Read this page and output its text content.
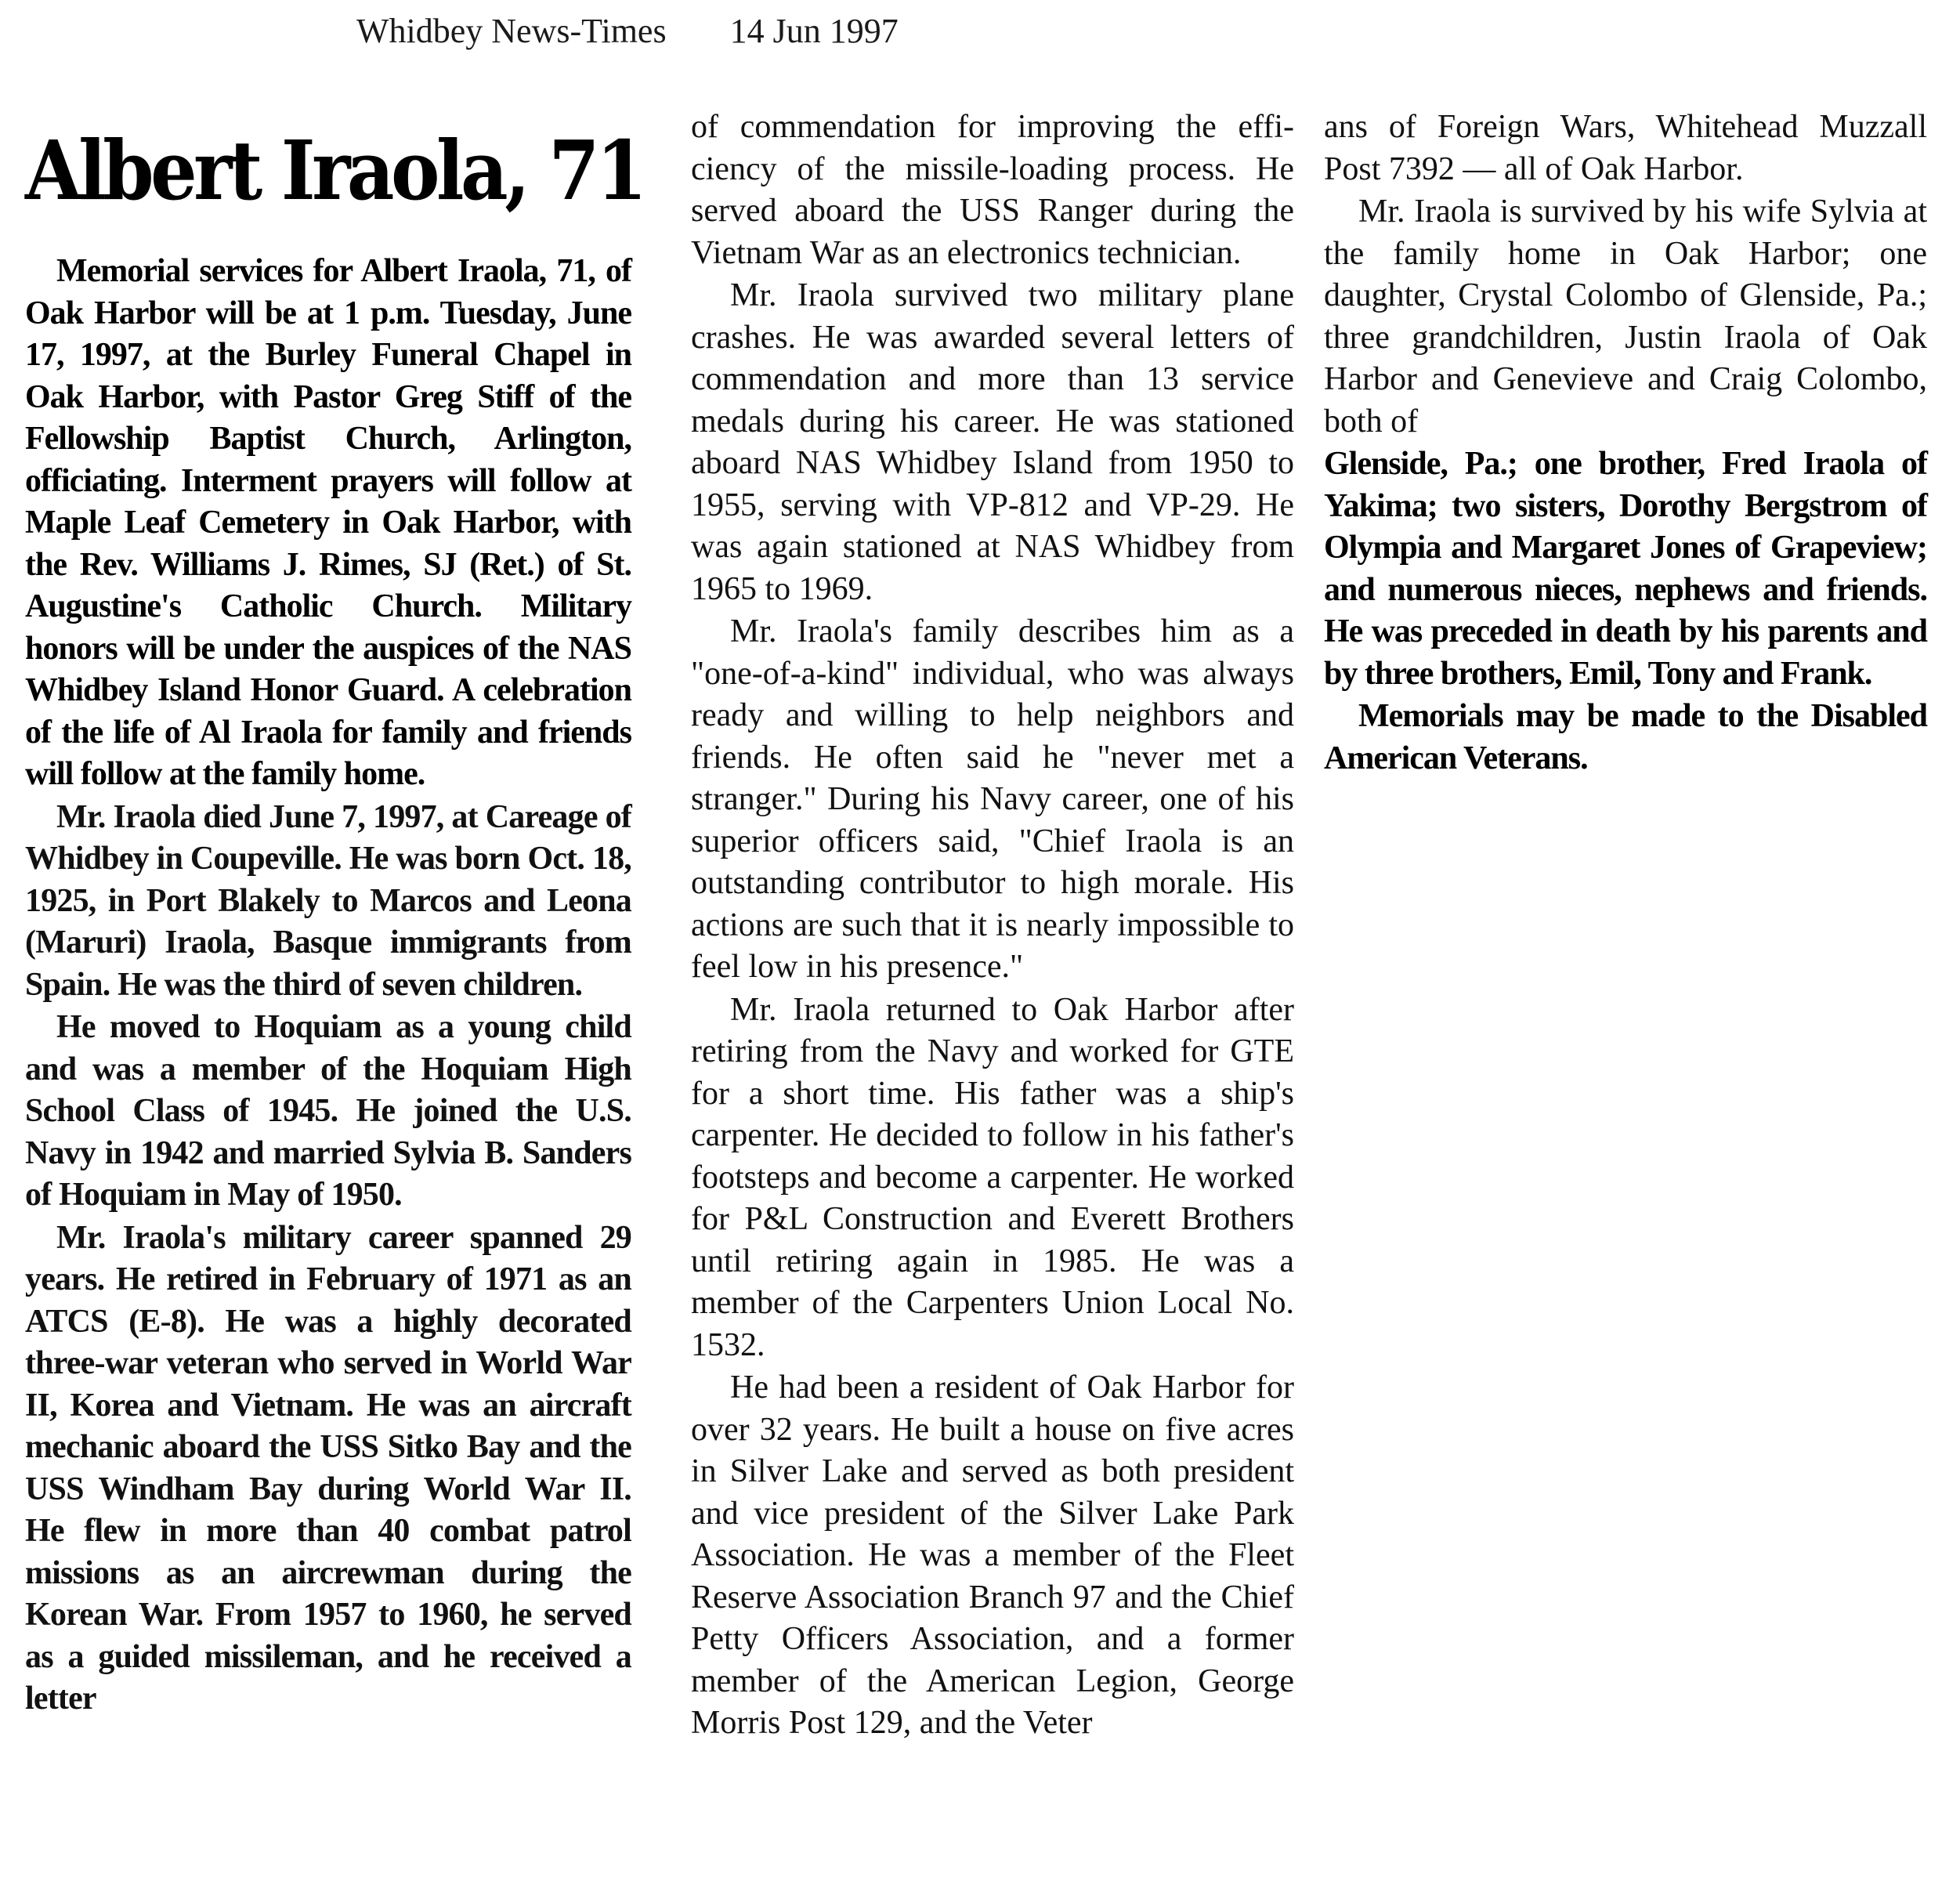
Whidbey News-Times 14 Jun 1997
Albert Iraola, 71

Memorial services for Albert Iraola, 71, of Oak Harbor will be at 1 p.m. Tuesday, June 17, 1997, at the Burley Funeral Chapel in Oak Harbor, with Pastor Greg Stiff of the Fellowship Baptist Church, Arlington, officiating. Interment prayers will follow at Maple Leaf Cemetery in Oak Harbor, with the Rev. Williams J. Rimes, SJ (Ret.) of St. Augustine's Catholic Church. Military honors will be under the auspices of the NAS Whidbey Island Honor Guard. A celebration of the life of Al Iraola for family and friends will follow at the family home.

Mr. Iraola died June 7, 1997, at Careage of Whidbey in Coupeville. He was born Oct. 18, 1925, in Port Blakely to Marcos and Leona (Maruri) Iraola, Basque immigrants from Spain. He was the third of seven children.

He moved to Hoquiam as a young child and was a member of the Hoquiam High School Class of 1945. He joined the U.S. Navy in 1942 and married Sylvia B. Sanders of Hoquiam in May of 1950.

Mr. Iraola's military career spanned 29 years. He retired in February of 1971 as an ATCS (E-8). He was a highly decorated three-war veteran who served in World War II, Korea and Vietnam. He was an aircraft mechanic aboard the USS Sitko Bay and the USS Windham Bay during World War II. He flew in more than 40 combat patrol missions as an aircrewman during the Korean War. From 1957 to 1960, he served as a guided missileman, and he received a letter

of commendation for improving the efficiency of the missile-loading process. He served aboard the USS Ranger during the Vietnam War as an electronics technician.

Mr. Iraola survived two military plane crashes. He was awarded several letters of commendation and more than 13 service medals during his career. He was stationed aboard NAS Whidbey Island from 1950 to 1955, serving with VP-812 and VP-29. He was again stationed at NAS Whidbey from 1965 to 1969.

Mr. Iraola's family describes him as a "one-of-a-kind" individual, who was always ready and willing to help neighbors and friends. He often said he "never met a stranger." During his Navy career, one of his superior officers said, "Chief Iraola is an outstanding contributor to high morale. His actions are such that it is nearly impossible to feel low in his presence."

Mr. Iraola returned to Oak Harbor after retiring from the Navy and worked for GTE for a short time. His father was a ship's carpenter. He decided to follow in his father's footsteps and become a carpenter. He worked for P&L Construction and Everett Brothers until retiring again in 1985. He was a member of the Carpenters Union Local No. 1532.

He had been a resident of Oak Harbor for over 32 years. He built a house on five acres in Silver Lake and served as both president and vice president of the Silver Lake Park Association. He was a member of the Fleet Reserve Association Branch 97 and the Chief Petty Officers Association, and a former member of the American Legion, George Morris Post 129, and the Veter

ans of Foreign Wars, Whitehead Muzzall Post 7392 — all of Oak Harbor.

Mr. Iraola is survived by his wife Sylvia at the family home in Oak Harbor; one daughter, Crystal Colombo of Glenside, Pa.; three grandchildren, Justin Iraola of Oak Harbor and Genevieve and Craig Colombo, both of

Glenside, Pa.; one brother, Fred Iraola of Yakima; two sisters, Dorothy Bergstrom of Olympia and Margaret Jones of Grapeview; and numerous nieces, nephews and friends. He was preceded in death by his parents and by three brothers, Emil, Tony and Frank.

Memorials may be made to the Disabled American Veterans.
